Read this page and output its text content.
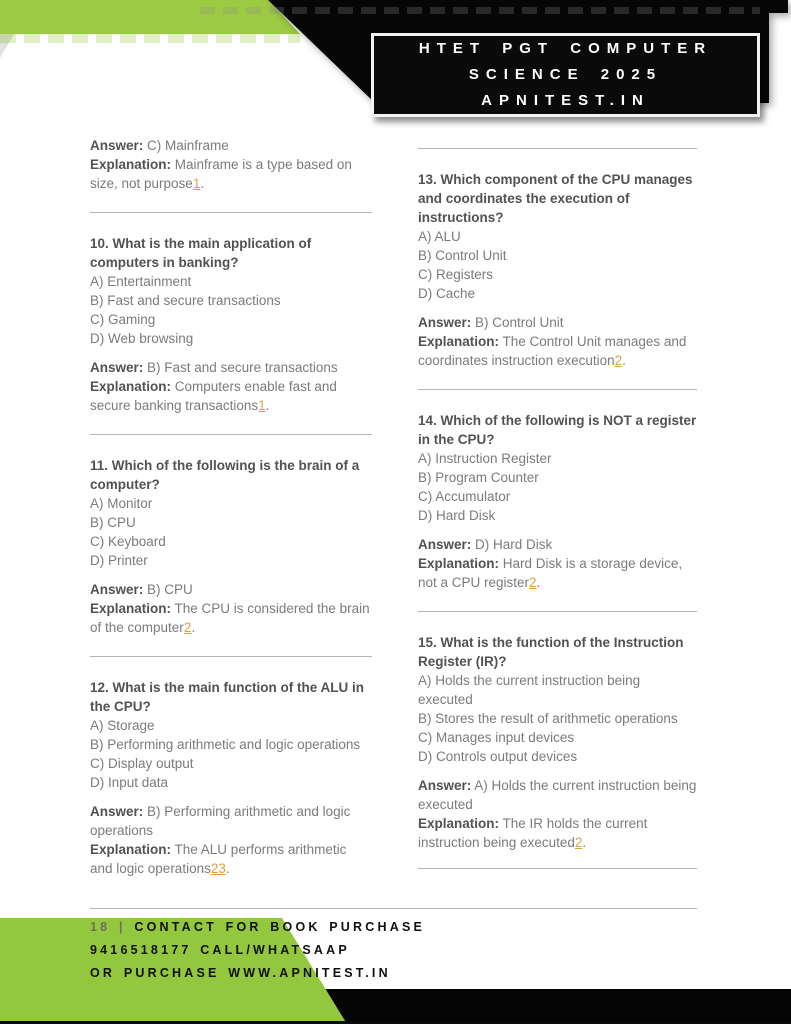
HTET PGT COMPUTER
SCIENCE 2025
APNITEST.IN

Answer: C) Mainframe

Explanation: Mainframe is a type based on size, not purpose1.

10. What is the main application of computers in banking?

A) Entertainment

B) Fast and secure transactions

C) Gaming

D) Web browsing

Answer: B) Fast and secure transactions

Explanation: Computers enable fast and secure banking transactions1.

11. Which of the following is the brain of a computer?

A) Monitor

B) CPU

C) Keyboard

D) Printer

Answer: B) CPU

Explanation: The CPU is considered the brain of the computer2.

12. What is the main function of the ALU in the CPU?

A) Storage

B) Performing arithmetic and logic operations

C) Display output

D) Input data

Answer: B) Performing arithmetic and logic operations

Explanation: The ALU performs arithmetic and logic operations23.

13. Which component of the CPU manages and coordinates the execution of instructions?

A) ALU

B) Control Unit

C) Registers

D) Cache

Answer: B) Control Unit

Explanation: The Control Unit manages and coordinates instruction execution2.

14. Which of the following is NOT a register in the CPU?

A) Instruction Register

B) Program Counter

C) Accumulator

D) Hard Disk

Answer: D) Hard Disk

Explanation: Hard Disk is a storage device, not a CPU register2.

15. What is the function of the Instruction Register (IR)?

A) Holds the current instruction being executed

B) Stores the result of arithmetic operations

C) Manages input devices

D) Controls output devices

Answer: A) Holds the current instruction being executed

Explanation: The IR holds the current instruction being executed2.

18 | CONTACT FOR BOOK PURCHASE
9416518177 CALL/WHATSAAP
OR PURCHASE WWW.APNITEST.IN
